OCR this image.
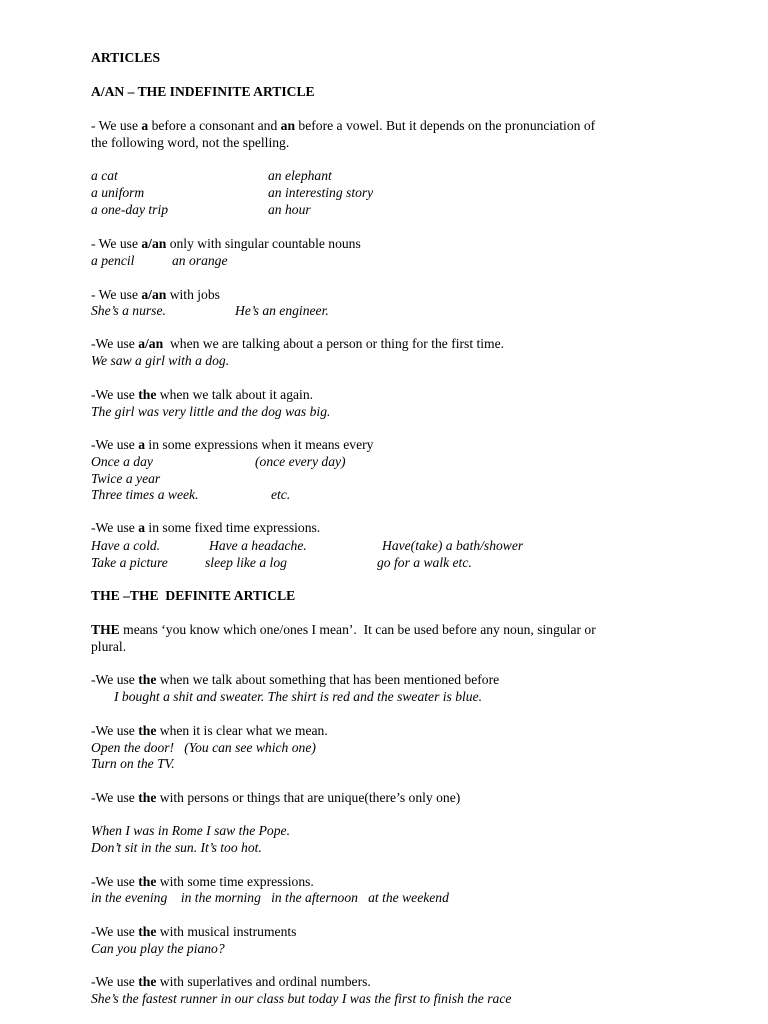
ARTICLES
A/AN – THE INDEFINITE ARTICLE
- We use a before a consonant and an before a vowel. But it depends on the pronunciation of
the following word, not the spelling.
a cat	an elephant
a uniform	an interesting story
a one-day trip	an hour
- We use a/an only with singular countable nouns
a pencil	an orange
- We use a/an with jobs
She’s a nurse.	He’s an engineer.
-We use a/an  when we are talking about a person or thing for the first time.
We saw a girl with a dog.
-We use the when we talk about it again.
The girl was very little and the dog was big.
-We use a in some expressions when it means every
Once a day	(once every day)
Twice a year
Three times a week.	etc.
-We use a in some fixed time expressions.
Have a cold.	Have a headache.	Have(take) a bath/shower
Take a picture	sleep like a log	go for a walk etc.
THE –THE  DEFINITE ARTICLE
THE means ‘you know which one/ones I mean’.  It can be used before any noun, singular or
plural.
-We use the when we talk about something that has been mentioned before
I bought a shit and sweater. The shirt is red and the sweater is blue.
-We use the when it is clear what we mean.
Open the door!   (You can see which one)
Turn on the TV.
-We use the with persons or things that are unique(there’s only one)
When I was in Rome I saw the Pope.
Don’t sit in the sun. It’s too hot.
-We use the with some time expressions.
in the evening    in the morning   in the afternoon   at the weekend
-We use the with musical instruments
Can you play the piano?
-We use the with superlatives and ordinal numbers.
She’s the fastest runner in our class but today I was the first to finish the race
